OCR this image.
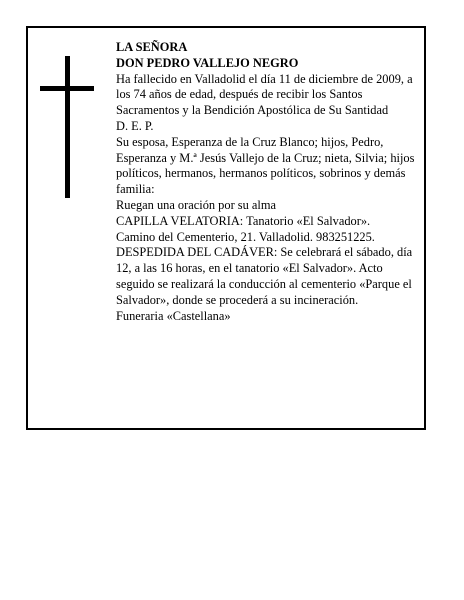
LA SEÑORA

DON PEDRO VALLEJO NEGRO

Ha fallecido en Valladolid el día 11 de diciembre de 2009, a los 74 años de edad, después de recibir los Santos Sacramentos y la Bendición Apostólica de Su Santidad

D. E. P.

Su esposa, Esperanza de la Cruz Blanco; hijos, Pedro, Esperanza y M.ª Jesús Vallejo de la Cruz; nieta, Silvia; hijos políticos, hermanos, hermanos políticos, sobrinos y demás familia:

Ruegan una oración por su alma

CAPILLA VELATORIA: Tanatorio «El Salvador».

Camino del Cementerio, 21. Valladolid. 983251225.

DESPEDIDA DEL CADÁVER: Se celebrará el sábado, día 12, a las 16 horas, en el tanatorio «El Salvador». Acto seguido se realizará la conducción al cementerio «Parque el Salvador», donde se procederá a su incineración.

Funeraria «Castellana»
